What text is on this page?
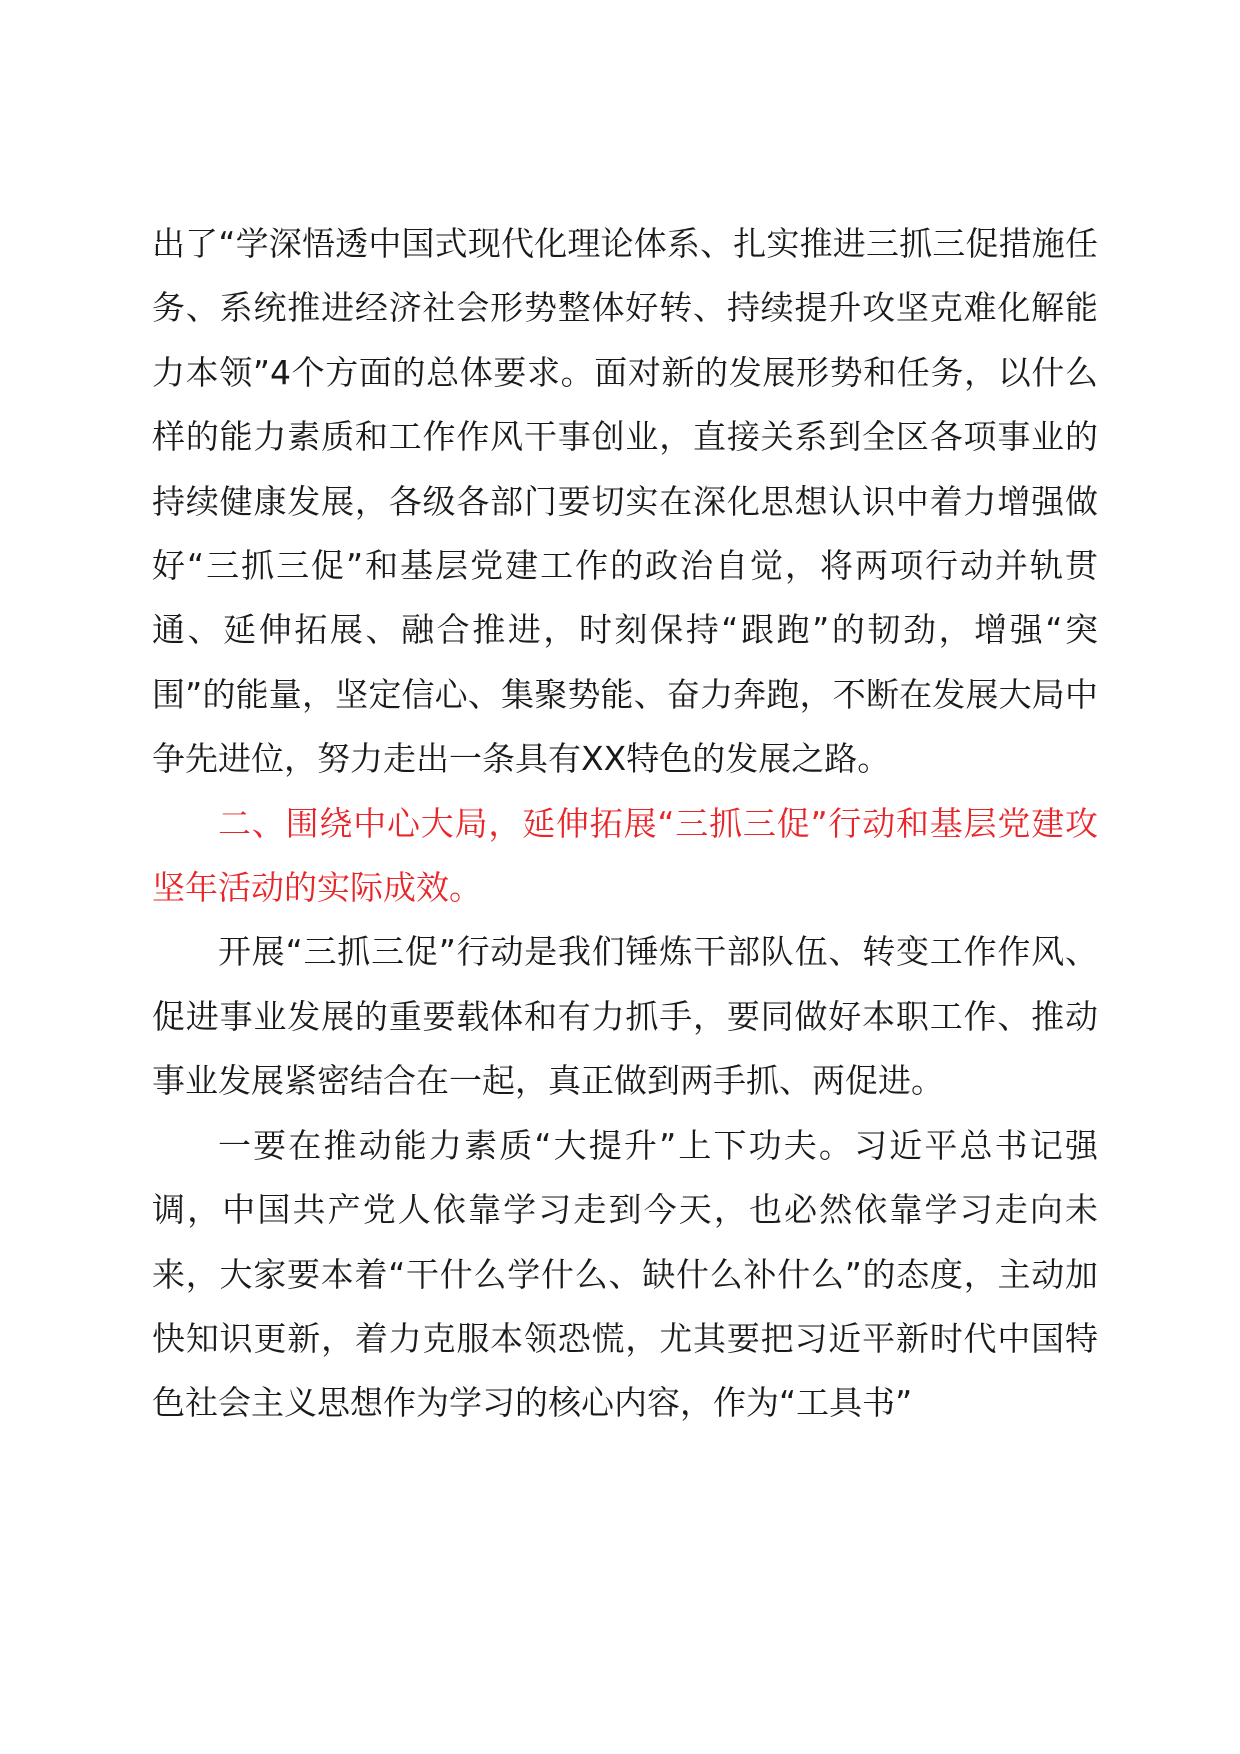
出了“学深悟透中国式现代化理论体系、扎实推进三抓三促措施任务、系统推进经济社会形势整体好转、持续提升攻坚克难化解能力本领”4个方面的总体要求。面对新的发展形势和任务，以什么样的能力素质和工作作风干事创业，直接关系到全区各项事业的持续健康发展，各级各部门要切实在深化思想认识中着力增强做好“三抓三促”和基层党建工作的政治自觉，将两项行动并轨贯通、延伸拓展、融合推进，时刻保持“跟跑”的韧劲，增强“突围”的能量，坚定信心、集聚势能、奋力奔跑，不断在发展大局中争先进位，努力走出一条具有XX特色的发展之路。

二、围绕中心大局，延伸拓展“三抓三促”行动和基层党建攻坚年活动的实际成效。

开展“三抓三促”行动是我们锤炼干部队伍、转变工作作风、促进事业发展的重要载体和有力抓手，要同做好本职工作、推动事业发展紧密结合在一起，真正做到两手抓、两促进。

一要在推动能力素质“大提升”上下功夫。习近平总书记强调，中国共产党人依靠学习走到今天，也必然依靠学习走向未来，大家要本着“干什么学什么、缺什么补什么”的态度，主动加快知识更新，着力克服本领恐慌，尤其要把习近平新时代中国特色社会主义思想作为学习的核心内容，作为“工具书”
